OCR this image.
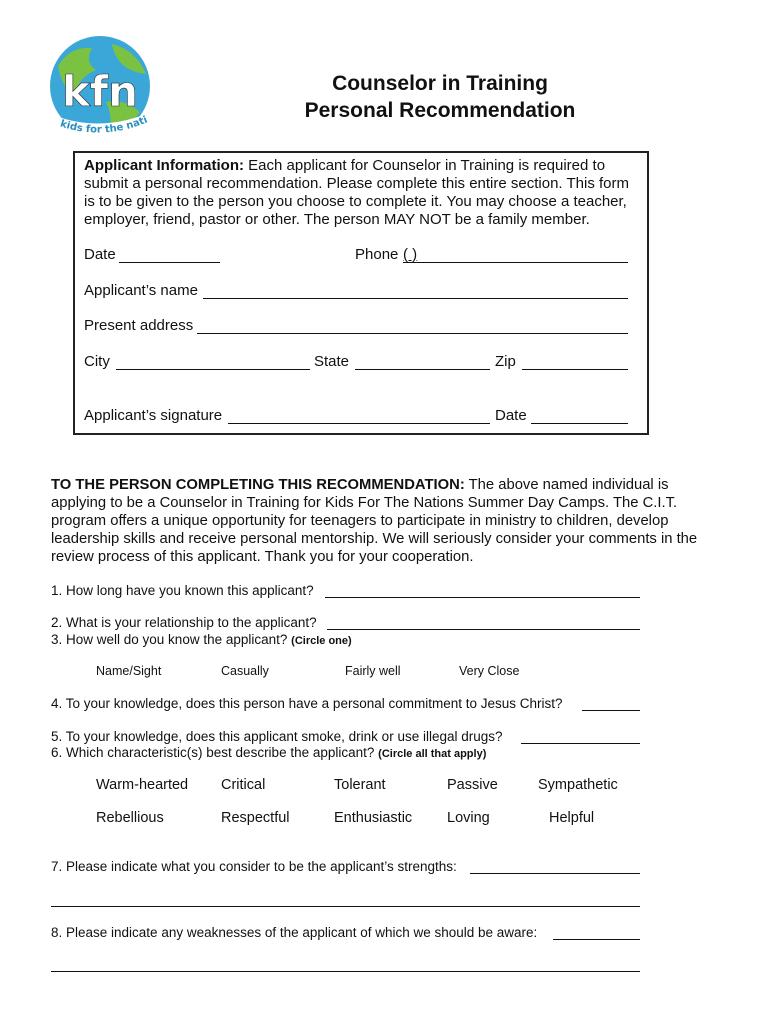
kfn
kids for the nati
Counselor in Training
Personal Recommendation
Applicant Information: Each applicant for Counselor in Training is required to
submit a personal recommendation. Please complete this entire section. This form
is to be given to the person you choose to complete it. You may choose a teacher,
employer, friend, pastor or other. The person MAY NOT be a family member.
Date	Phone ( )
Applicant’s name
Present address
City	State	Zip
Applicant’s signature	Date
TO THE PERSON COMPLETING THIS RECOMMENDATION: The above named individual is
applying to be a Counselor in Training for Kids For The Nations Summer Day Camps. The C.I.T.
program offers a unique opportunity for teenagers to participate in ministry to children, develop
leadership skills and receive personal mentorship. We will seriously consider your comments in the
review process of this applicant. Thank you for your cooperation.
1. How long have you known this applicant?
2. What is your relationship to the applicant?
3. How well do you know the applicant? (Circle one)
Name/Sight	Casually	Fairly well	Very Close
4. To your knowledge, does this person have a personal commitment to Jesus Christ?
5. To your knowledge, does this applicant smoke, drink or use illegal drugs?
6. Which characteristic(s) best describe the applicant? (Circle all that apply)
Warm-hearted Critical	Tolerant	Passive	Sympathetic
Rebellious	Respectful	Enthusiastic Loving	Helpful
7. Please indicate what you consider to be the applicant’s strengths:
8. Please indicate any weaknesses of the applicant of which we should be aware:
